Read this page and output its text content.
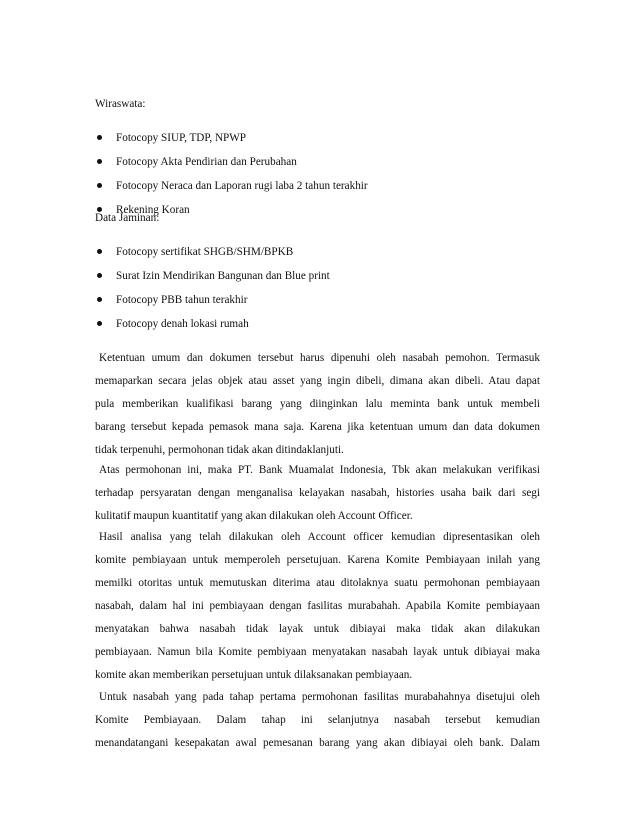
Wiraswata:
Fotocopy SIUP, TDP, NPWP
Fotocopy Akta Pendirian dan Perubahan
Fotocopy Neraca dan Laporan rugi laba 2 tahun terakhir
Rekening Koran
Data Jaminan:
Fotocopy sertifikat SHGB/SHM/BPKB
Surat Izin Mendirikan Bangunan dan Blue print
Fotocopy PBB tahun terakhir
Fotocopy denah lokasi rumah
Ketentuan umum dan dokumen tersebut harus dipenuhi oleh nasabah pemohon. Termasuk
memaparkan secara jelas objek atau asset yang ingin dibeli, dimana akan dibeli. Atau dapat
pula memberikan kualifikasi barang yang diinginkan lalu meminta bank untuk membeli
barang tersebut kepada pemasok mana saja. Karena jika ketentuan umum dan data dokumen
tidak terpenuhi, permohonan tidak akan ditindaklanjuti.
Atas permohonan ini, maka PT. Bank Muamalat Indonesia, Tbk akan melakukan verifikasi
terhadap persyaratan dengan menganalisa kelayakan nasabah, histories usaha baik dari segi
kulitatif maupun kuantitatif yang akan dilakukan oleh Account Officer.
Hasil analisa yang telah dilakukan oleh Account officer kemudian dipresentasikan oleh
komite pembiayaan untuk memperoleh persetujuan. Karena Komite Pembiayaan inilah yang
memilki otoritas untuk memutuskan diterima atau ditolaknya suatu permohonan pembiayaan
nasabah, dalam hal ini pembiayaan dengan fasilitas murabahah. Apabila Komite pembiayaan
menyatakan bahwa nasabah tidak layak untuk dibiayai maka tidak akan dilakukan
pembiayaan. Namun bila Komite pembiyaan menyatakan nasabah layak untuk dibiayai maka
komite akan memberikan persetujuan untuk dilaksanakan pembiayaan.
Untuk nasabah yang pada tahap pertama permohonan fasilitas murabahahnya disetujui oleh
Komite Pembiayaan. Dalam tahap ini selanjutnya nasabah tersebut kemudian
menandatangani kesepakatan awal pemesanan barang yang akan dibiayai oleh bank. Dalam
